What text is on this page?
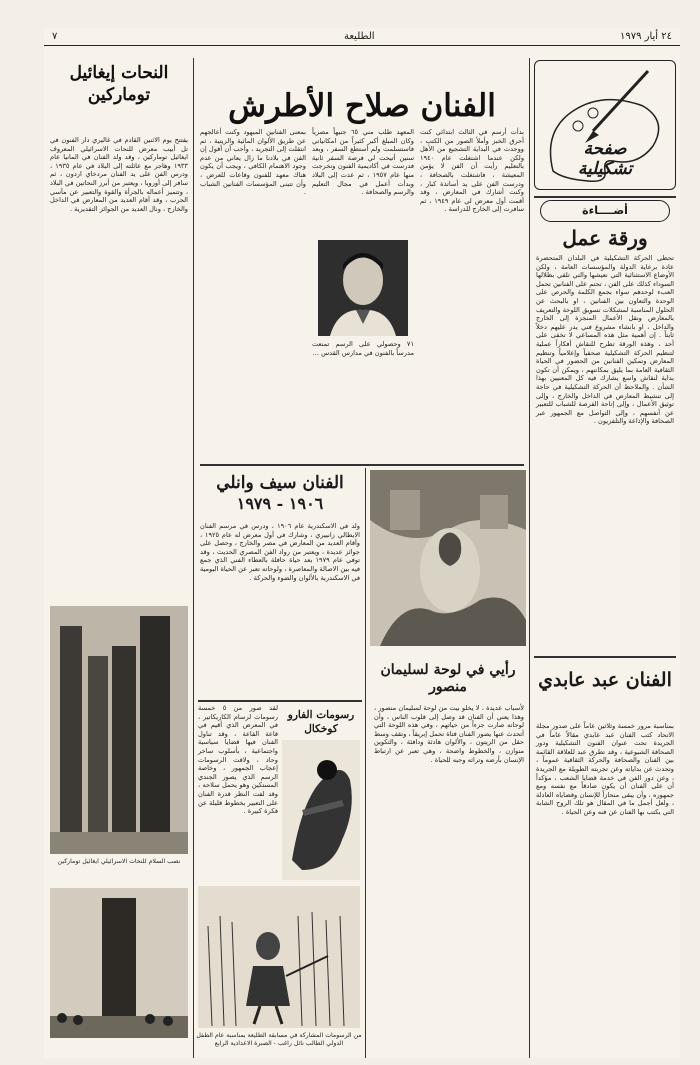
٢٤ أيار ١٩٧٩
الطليعة
٧
صفحة تشكيلية
أضــــاءة
ورقة عمل

تحظى الحركة التشكيلية في البلدان المتحضرة عادة برعاية الدولة والمؤسسات العامة ، ولكن الأوضاع الاستثنائية التي نعيشها والتي تلقي بظلالها السوداء كذلك على الفن ، تحتم على الفنانين تحمل العبء لوحدهم سواء بجمع الكلمة والحرص على الوحدة والتعاون بين الفنانين ، او بالبحث عن الحلول المناسبة لمشكلات تسويق اللوحة والتعريف بالمعارض ونقل الأعمال المنجزة إلى الخارج والداخل ، او بانشاء مشروع فني يدر عليهم دخلاً ثابتاً . إن أهمية مثل هذه المساعي لا تخفى على أحد ، وهذه الورقة تطرح للنقاش أفكاراً عملية لتنظيم الحركة التشكيلية صحفياً وإعلامياً وتنظيم المعارض وتمكين الفنانين من الحضور في الحياة الثقافية العامة بما يليق بمكانتهم ، ويمكن أن تكون بداية لنقاش واسع يشارك فيه كل المعنيين بهذا الشأن . والملاحظ أن الحركة التشكيلية في حاجة إلى تنشيط المعارض في الداخل والخارج ، وإلى توثيق الأعمال ، وإلى إتاحة الفرصة للشباب للتعبير عن أنفسهم ، وإلى التواصل مع الجمهور عبر الصحافة والإذاعة والتلفزيون .

الفنان عبد عابدي

بمناسبة مرور خمسة وثلاثين عاماً على صدور مجلة الاتحاد كتب الفنان عبد عابدي مقالاً عاماً في الجريدة تحت عنوان الفنون التشكيلية ودور الصحافة الشيوعية ، وقد تطرق عبد للعلاقة القائمة بين الفنان والصحافة والحركة الثقافية عموماً ، وتحدث عن بداياته وعن تجربته الطويلة مع الجريدة ، وعن دور الفن في خدمة قضايا الشعب ، مؤكداً أن على الفنان أن يكون صادقاً مع نفسه ومع جمهوره ، وأن يبقى منحازاً للإنسان وقضاياه العادلة ، ولعل أجمل ما في المقال هو تلك الروح الشابة التي يكتب بها الفنان عن فنه وعن الحياة .

الفنان صلاح الأطرش

بدأت أرسم في الثالث ابتدائي كنت أحرق الخبز وأملأ الصور من الكتب ، ووجدت في البداية التشجيع من الأهل ولكن عندما اشتغلت عام ١٩٤٠ بالتعليم رأيت أن الفن لا يؤمن المعيشة ، فاشتغلت بالصحافة ، ودرست الفن على يد أساتذة كبار ، وكنت أشارك في المعارض ، وقد أقمت أول معرض لي عام ١٩٤٩ ، ثم سافرت إلى الخارج للدراسة .

المعهد طلب مني ٦٥ جنيهاً مصرياً وكان المبلغ أكبر كثيراً من امكانياتي فاستسلمت ولم أستطع السفر ، وبعد سنين أتيحت لي فرصة السفر ثانية فدرست في أكاديمية الفنون وتخرجت منها عام ١٩٥٧ ، ثم عدت إلى البلاد وبدأت أعمل في مجال التعليم والرسم والصحافة .

٧١ وحصولي على الرسم تمنعت مدرساً بالفنون في مدارس القدس ...

بمعنى الفنانين الميهود وكنت أعالجهم عن طريق الألوان المائية والزيتية ، ثم انتقلت إلى التجريد ، وأحب أن أقول إن الفن في بلادنا ما زال يعاني من عدم وجود الاهتمام الكافي ، ويجب أن يكون هناك معهد للفنون وقاعات للعرض ، وأن تتبنى المؤسسات الفنانين الشباب .

رأيي في لوحة لسليمان منصور

لأسباب عديدة ، لا يخلو بيت من لوحة لسليمان منصور ، وهذا يعني أن الفنان قد وصل إلى قلوب الناس ، وأن لوحاته صارت جزءاً من حياتهم ، وفي هذه اللوحة التي أتحدث عنها يصور الفنان فتاة تحمل إبريقاً ، وتقف وسط حقل من الزيتون ، والألوان هادئة ودافئة ، والتكوين متوازن ، والخطوط واضحة ، وهي تعبر عن ارتباط الإنسان بأرضه وتراثه وحبه للحياة .

الفنان سيف وانلي
١٩٠٦ - ١٩٧٩

ولد في الاسكندرية عام ١٩٠٦ ، ودرس في مرسم الفنان الايطالي زانييري ، وشارك في أول معرض له عام ١٩٢٥ ، وأقام العديد من المعارض في مصر والخارج ، وحصل على جوائز عديدة ، ويعتبر من رواد الفن المصري الحديث ، وقد توفي عام ١٩٧٩ بعد حياة حافلة بالعطاء الفني الذي جمع فيه بين الاصالة والمعاصرة ، ولوحاته تعبر عن الحياة اليومية في الاسكندرية بالألوان والضوء والحركة .

رسومات الفارو كوخكال

لقد صور من ٥ خمسة رسومات لرسام الكاريكاتير ، في المعرض الذي أقيم في قاعة القاعة ، وقد تناول الفنان فيها قضايا سياسية واجتماعية ، بأسلوب ساخر وحاد ، ولاقت الرسومات إعجاب الجمهور ، وخاصة الرسم الذي يصور الجندي المستكين وهو يحمل سلاحه ، وقد لفت النظر قدرة الفنان على التعبير بخطوط قليلة عن فكرة كبيرة .

من الرسومات المشاركة في مسابقة الطليعة بمناسبة عام الطفل الدولي الطالب نائل راغب - الصبرة الاعدادية الرابع
النحات إيغائيل توماركين

يفتتح يوم الاثنين القادم في غاليري دار الفنون في تل أبيب معرض للنحات الاسرائيلي المعروف ايغائيل توماركين ، وقد ولد الفنان في المانيا عام ١٩٣٣ وهاجر مع عائلته إلى البلاد في عام ١٩٣٥ ، ودرس الفن على يد الفنان مردخاي اردون ، ثم سافر إلى أوروبا ، ويعتبر من أبرز النحاتين في البلاد ، وتتميز أعماله بالجرأة والقوة والتعبير عن مآسي الحرب ، وقد أقام العديد من المعارض في الداخل والخارج ، ونال العديد من الجوائز التقديرية .

نصب السلام للنحات الاسرائيلي ايغائيل توماركين
